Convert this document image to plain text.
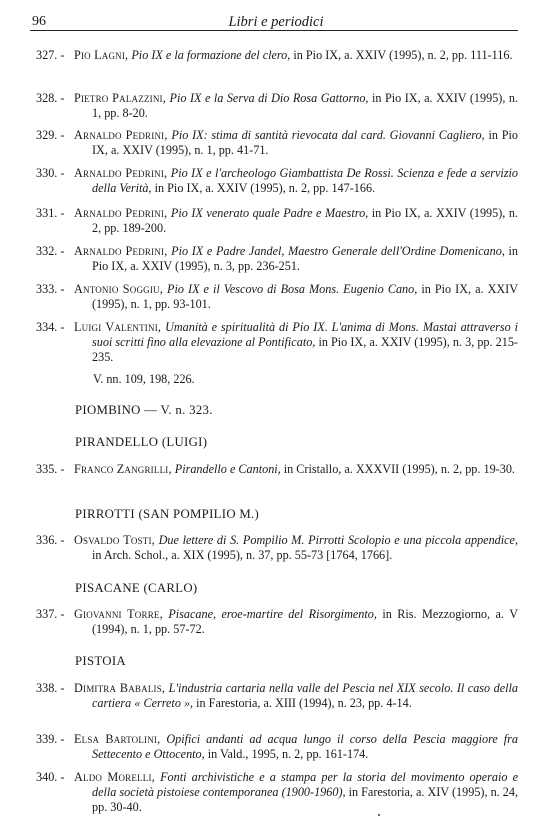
96	Libri e periodici
327. - Pio Lagni, Pio IX e la formazione del clero, in Pio IX, a. XXIV (1995), n. 2, pp. 111-116.
328. - Pietro Palazzini, Pio IX e la Serva di Dio Rosa Gattorno, in Pio IX, a. XXIV (1995), n. 1, pp. 8-20.
329. - Arnaldo Pedrini, Pio IX: stima di santità rievocata dal card. Giovanni Cagliero, in Pio IX, a. XXIV (1995), n. 1, pp. 41-71.
330. - Arnaldo Pedrini, Pio IX e l'archeologo Giambattista De Rossi. Scienza e fede a servizio della Verità, in Pio IX, a. XXIV (1995), n. 2, pp. 147-166.
331. - Arnaldo Pedrini, Pio IX venerato quale Padre e Maestro, in Pio IX, a. XXIV (1995), n. 2, pp. 189-200.
332. - Arnaldo Pedrini, Pio IX e Padre Jandel, Maestro Generale dell'Ordine Domenicano, in Pio IX, a. XXIV (1995), n. 3, pp. 236-251.
333. - Antonio Soggiu, Pio IX e il Vescovo di Bosa Mons. Eugenio Cano, in Pio IX, a. XXIV (1995), n. 1, pp. 93-101.
334. - Luigi Valentini, Umanità e spiritualità di Pio IX. L'anima di Mons. Mastai attraverso i suoi scritti fino alla elevazione al Pontificato, in Pio IX, a. XXIV (1995), n. 3, pp. 215-235.
V. nn. 109, 198, 226.
PIOMBINO — V. n. 323.
PIRANDELLO (LUIGI)
335. - Franco Zangrilli, Pirandello e Cantoni, in Cristallo, a. XXXVII (1995), n. 2, pp. 19-30.
PIRROTTI (SAN POMPILIO M.)
336. - Osvaldo Tosti, Due lettere di S. Pompilio M. Pirrotti Scolopio e una piccola appendice, in Arch. Schol., a. XIX (1995), n. 37, pp. 55-73 [1764, 1766].
PISACANE (CARLO)
337. - Giovanni Torre, Pisacane, eroe-martire del Risorgimento, in Ris. Mezzogiorno, a. V (1994), n. 1, pp. 57-72.
PISTOIA
338. - Dimitra Babalis, L'industria cartaria nella valle del Pescia nel XIX secolo. Il caso della cartiera « Cerreto », in Farestoria, a. XIII (1994), n. 23, pp. 4-14.
339. - Elsa Bartolini, Opifici andanti ad acqua lungo il corso della Pescia maggiore fra Settecento e Ottocento, in Vald., 1995, n. 2, pp. 161-174.
340. - Aldo Morelli, Fonti archivistiche e a stampa per la storia del movimento operaio e della società pistoiese contemporanea (1900-1960), in Farestoria, a. XIV (1995), n. 24, pp. 30-40.
